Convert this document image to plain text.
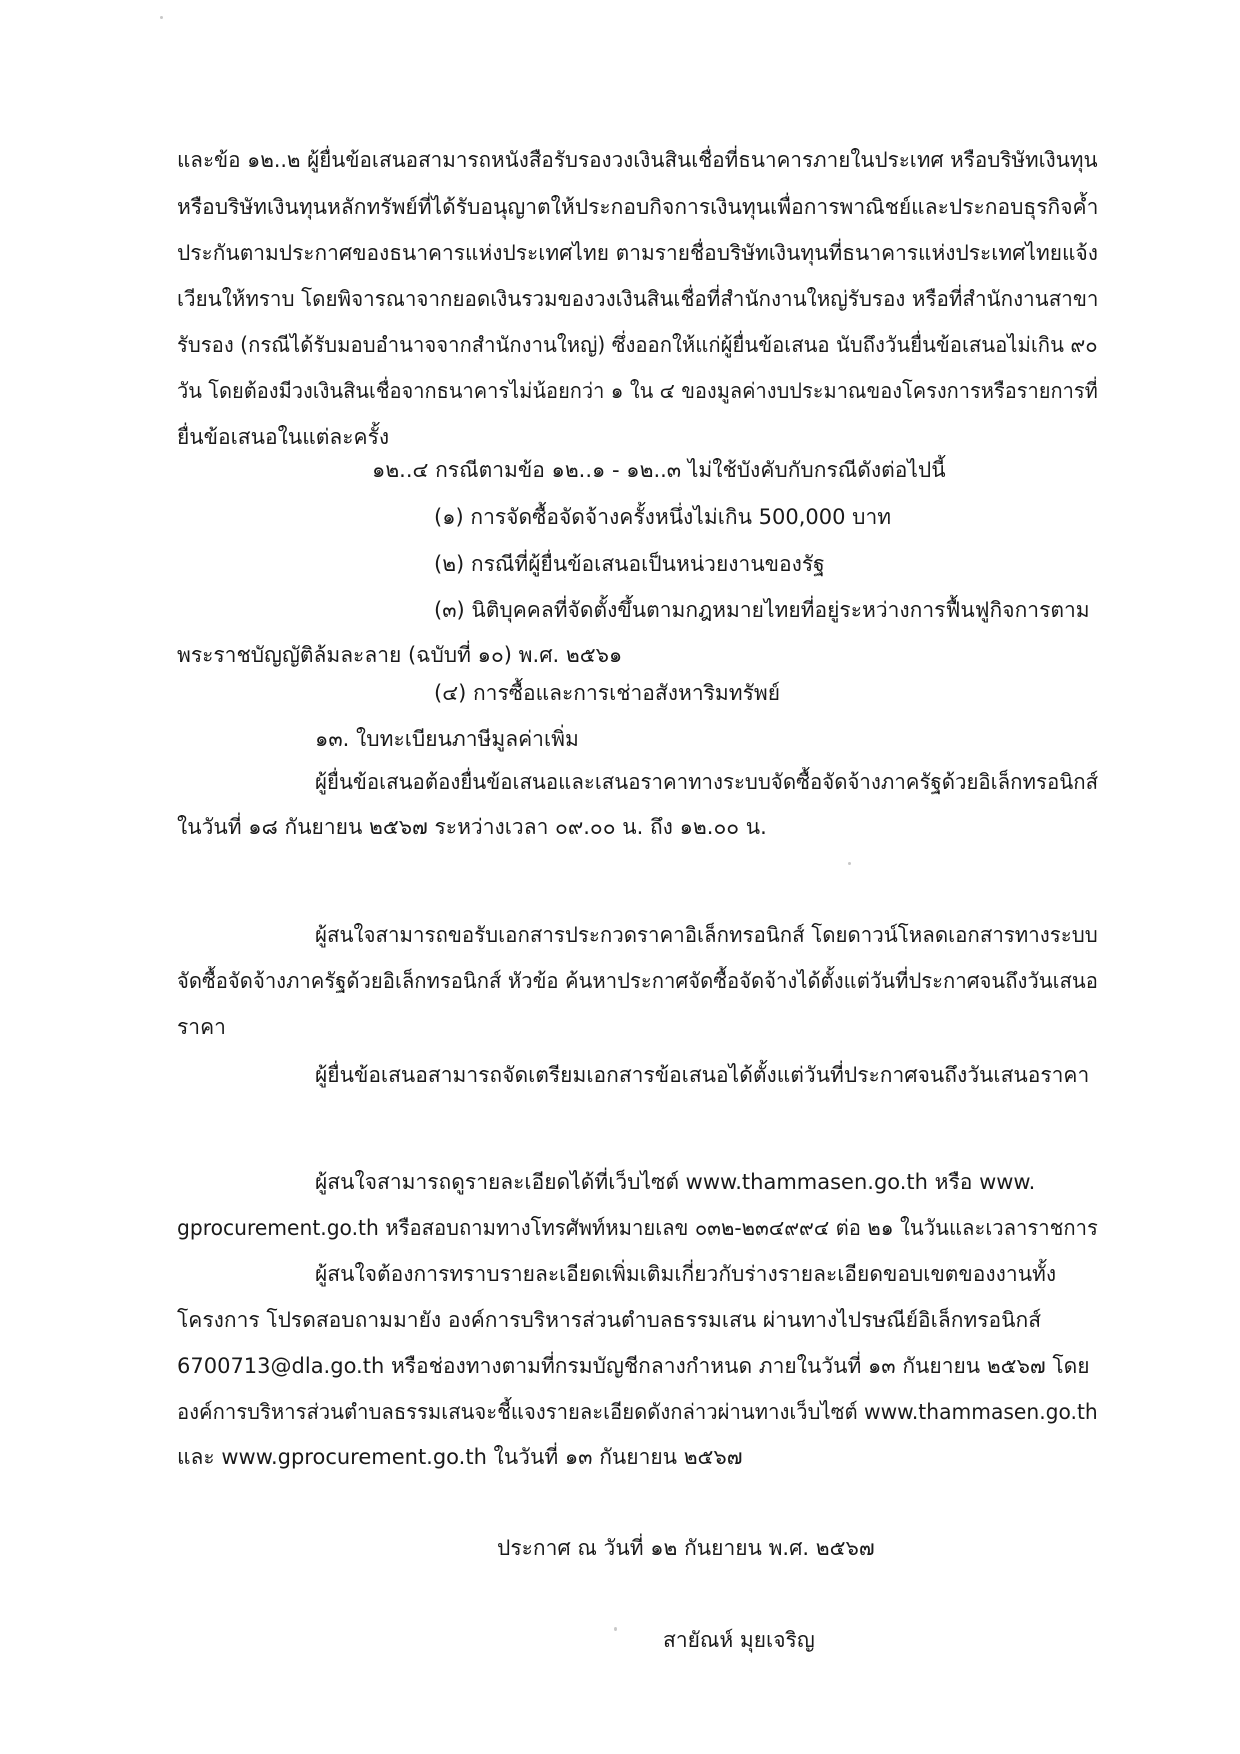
และข้อ ๑๒..๒ ผู้ยื่นข้อเสนอสามารถหนังสือรับรองวงเงินสินเชื่อที่ธนาคารภายในประเทศ หรือบริษัทเงินทุน
หรือบริษัทเงินทุนหลักทรัพย์ที่ได้รับอนุญาตให้ประกอบกิจการเงินทุนเพื่อการพาณิชย์และประกอบธุรกิจค้ำ
ประกันตามประกาศของธนาคารแห่งประเทศไทย ตามรายชื่อบริษัทเงินทุนที่ธนาคารแห่งประเทศไทยแจ้ง
เวียนให้ทราบ โดยพิจารณาจากยอดเงินรวมของวงเงินสินเชื่อที่สำนักงานใหญ่รับรอง หรือที่สำนักงานสาขา
รับรอง (กรณีได้รับมอบอำนาจจากสำนักงานใหญ่) ซึ่งออกให้แก่ผู้ยื่นข้อเสนอ นับถึงวันยื่นข้อเสนอไม่เกิน ๙๐
วัน โดยต้องมีวงเงินสินเชื่อจากธนาคารไม่น้อยกว่า ๑ ใน ๔ ของมูลค่างบประมาณของโครงการหรือรายการที่
ยื่นข้อเสนอในแต่ละครั้ง
๑๒..๔ กรณีตามข้อ ๑๒..๑ - ๑๒..๓ ไม่ใช้บังคับกับกรณีดังต่อไปนี้
(๑) การจัดซื้อจัดจ้างครั้งหนึ่งไม่เกิน 500,000 บาท
(๒) กรณีที่ผู้ยื่นข้อเสนอเป็นหน่วยงานของรัฐ
(๓) นิติบุคคลที่จัดตั้งขึ้นตามกฎหมายไทยที่อยู่ระหว่างการฟื้นฟูกิจการตาม
พระราชบัญญัติล้มละลาย (ฉบับที่ ๑๐) พ.ศ. ๒๕๖๑
(๔) การซื้อและการเช่าอสังหาริมทรัพย์
๑๓. ใบทะเบียนภาษีมูลค่าเพิ่ม
ผู้ยื่นข้อเสนอต้องยื่นข้อเสนอและเสนอราคาทางระบบจัดซื้อจัดจ้างภาครัฐด้วยอิเล็กทรอนิกส์
ในวันที่ ๑๘ กันยายน ๒๕๖๗ ระหว่างเวลา ๐๙.๐๐ น. ถึง ๑๒.๐๐ น.
ผู้สนใจสามารถขอรับเอกสารประกวดราคาอิเล็กทรอนิกส์ โดยดาวน์โหลดเอกสารทางระบบ
จัดซื้อจัดจ้างภาครัฐด้วยอิเล็กทรอนิกส์ หัวข้อ ค้นหาประกาศจัดซื้อจัดจ้างได้ตั้งแต่วันที่ประกาศจนถึงวันเสนอ
ราคา
ผู้ยื่นข้อเสนอสามารถจัดเตรียมเอกสารข้อเสนอได้ตั้งแต่วันที่ประกาศจนถึงวันเสนอราคา
ผู้สนใจสามารถดูรายละเอียดได้ที่เว็บไซต์ www.thammasen.go.th หรือ www.
gprocurement.go.th หรือสอบถามทางโทรศัพท์หมายเลข ๐๓๒-๒๓๔๙๙๔ ต่อ ๒๑ ในวันและเวลาราชการ
ผู้สนใจต้องการทราบรายละเอียดเพิ่มเติมเกี่ยวกับร่างรายละเอียดขอบเขตของงานทั้ง
โครงการ โปรดสอบถามมายัง องค์การบริหารส่วนตำบลธรรมเสน ผ่านทางไปรษณีย์อิเล็กทรอนิกส์
6700713@dla.go.th หรือช่องทางตามที่กรมบัญชีกลางกำหนด ภายในวันที่ ๑๓ กันยายน ๒๕๖๗ โดย
องค์การบริหารส่วนตำบลธรรมเสนจะชี้แจงรายละเอียดดังกล่าวผ่านทางเว็บไซต์ www.thammasen.go.th
และ www.gprocurement.go.th ในวันที่ ๑๓ กันยายน ๒๕๖๗
ประกาศ ณ วันที่ ๑๒ กันยายน พ.ศ. ๒๕๖๗
สายัณห์ มุยเจริญ
